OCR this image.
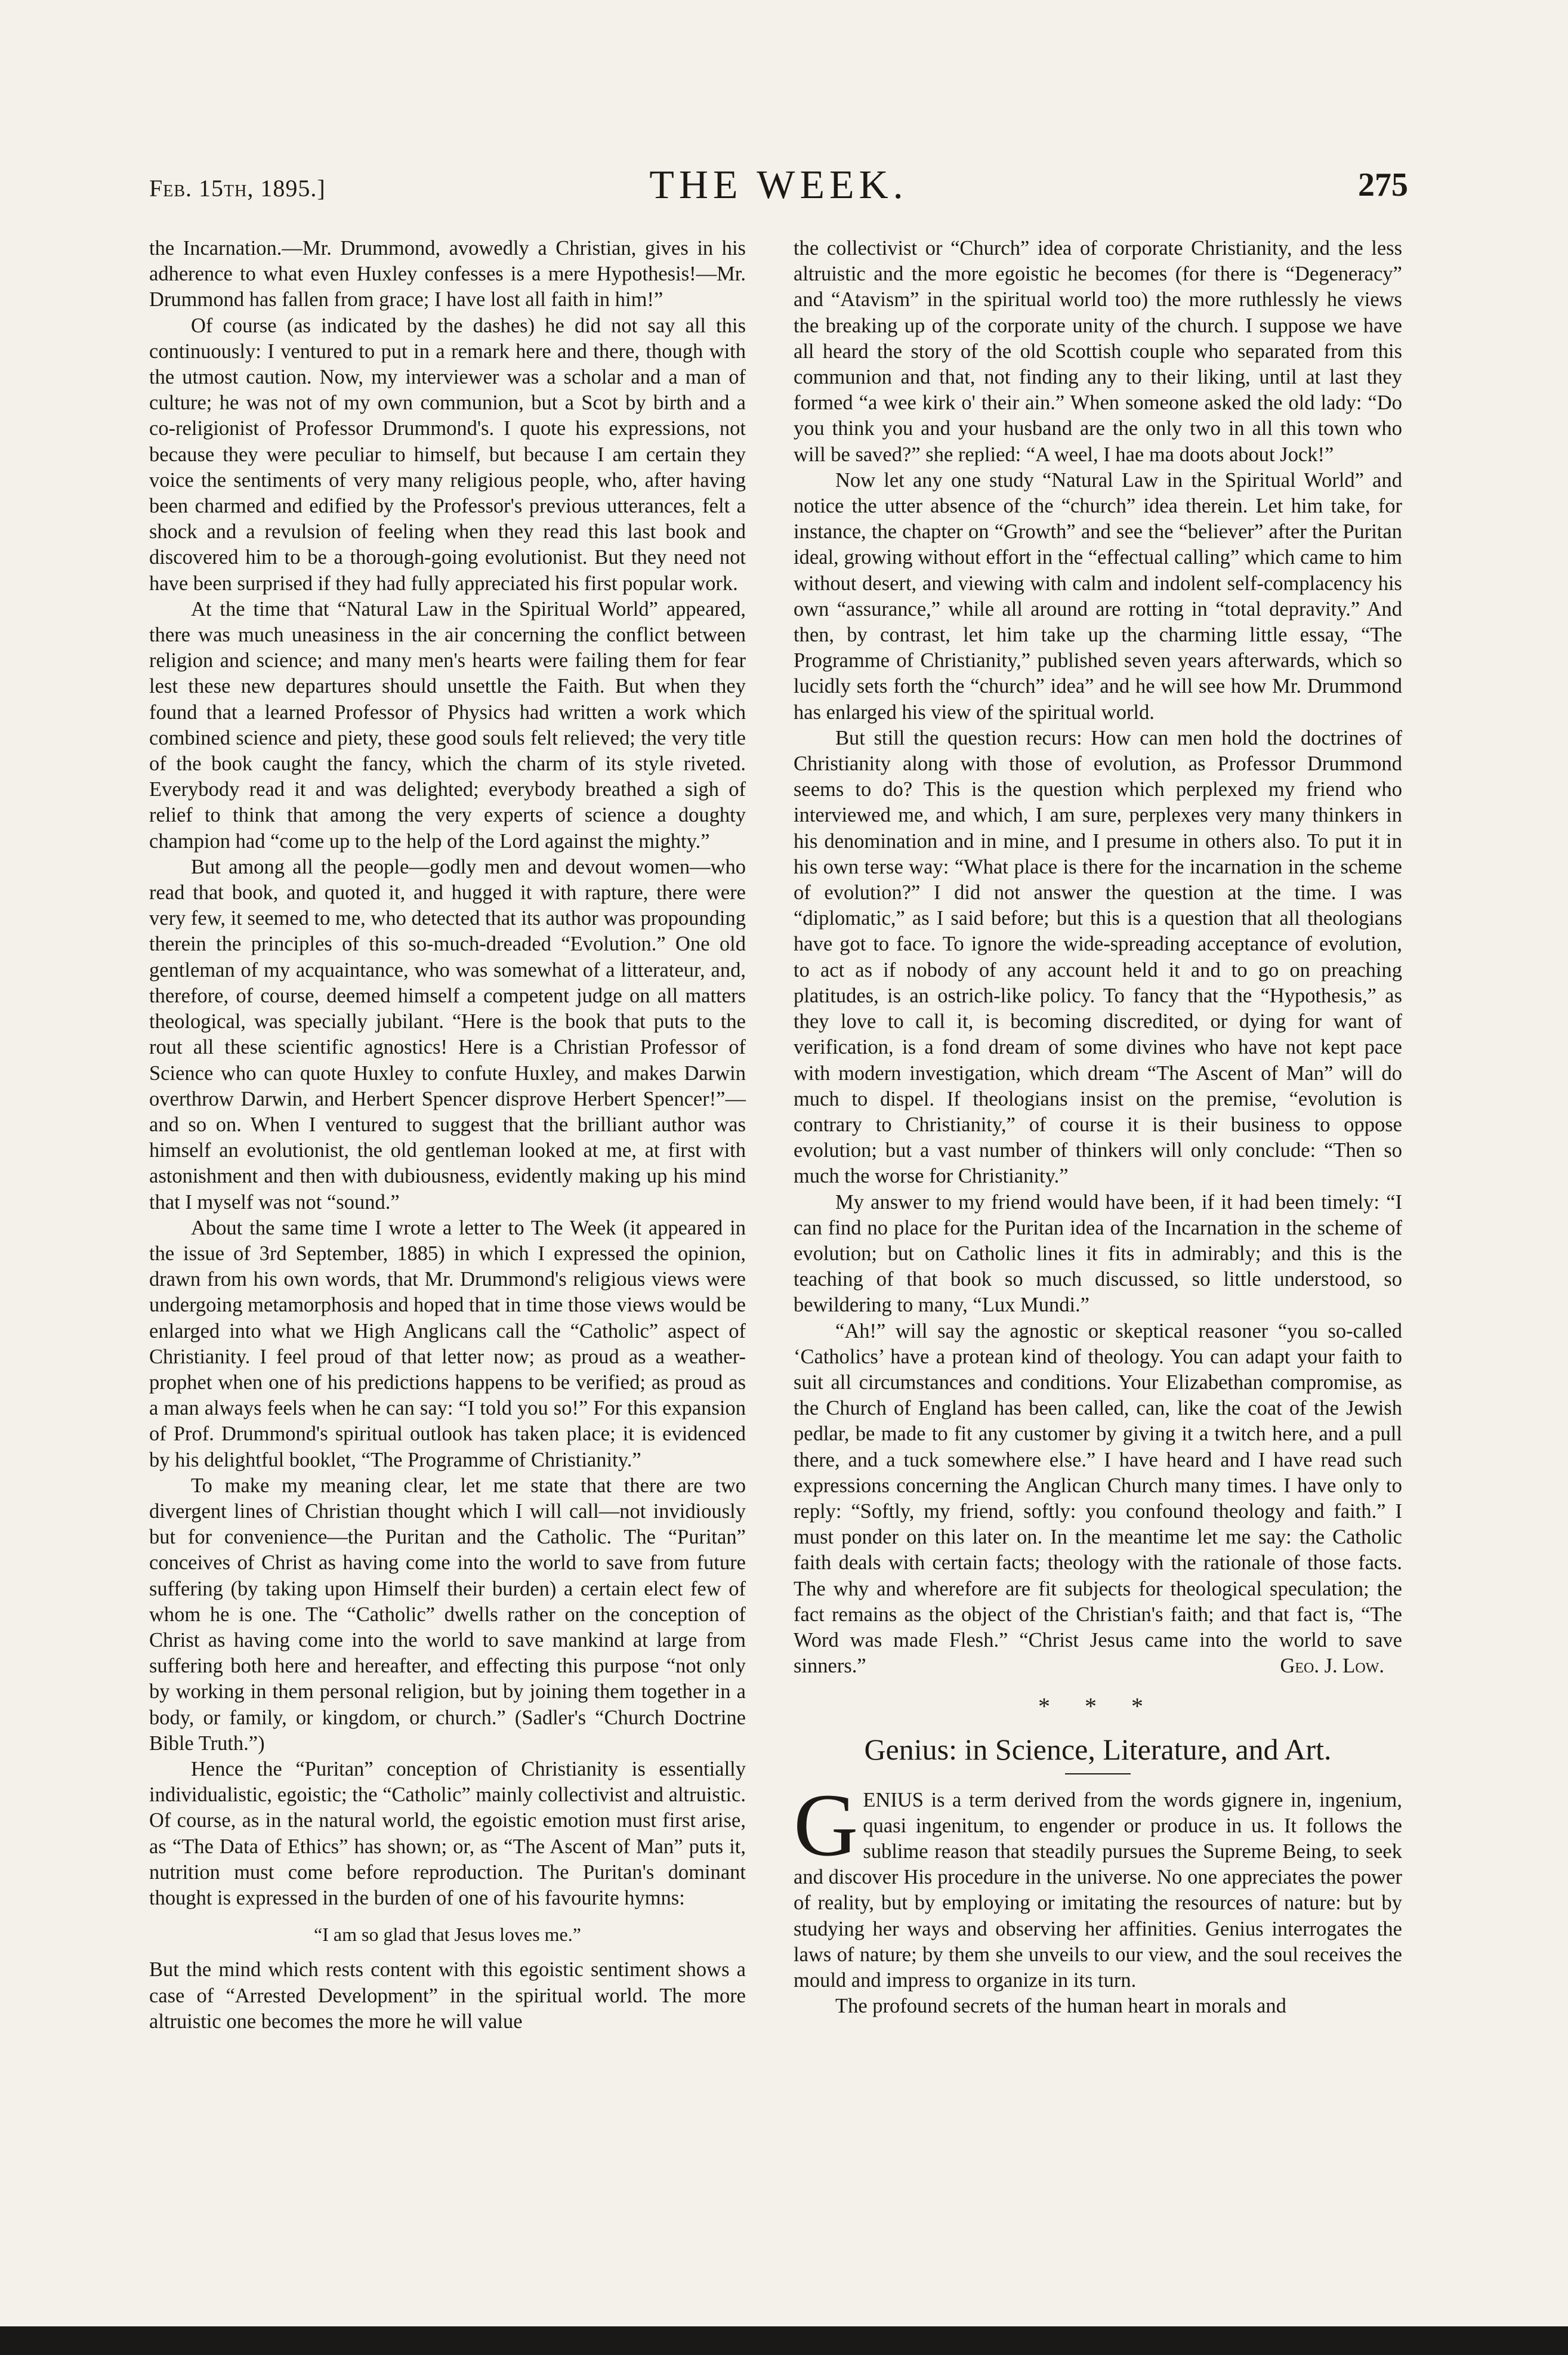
Feb. 15th, 1895.]	THE WEEK.	275

the Incarnation.—Mr. Drummond, avowedly a Christian, gives in his adherence to what even Huxley confesses is a mere Hypothesis!—Mr. Drummond has fallen from grace; I have lost all faith in him!”

Of course (as indicated by the dashes) he did not say all this continuously: I ventured to put in a remark here and there, though with the utmost caution. Now, my interviewer was a scholar and a man of culture; he was not of my own communion, but a Scot by birth and a co-religionist of Professor Drummond's. I quote his expressions, not because they were peculiar to himself, but because I am certain they voice the sentiments of very many religious people, who, after having been charmed and edified by the Professor's previous utterances, felt a shock and a revulsion of feeling when they read this last book and discovered him to be a thorough-going evolutionist. But they need not have been surprised if they had fully appreciated his first popular work.

At the time that “Natural Law in the Spiritual World” appeared, there was much uneasiness in the air concerning the conflict between religion and science; and many men's hearts were failing them for fear lest these new departures should unsettle the Faith. But when they found that a learned Professor of Physics had written a work which combined science and piety, these good souls felt relieved; the very title of the book caught the fancy, which the charm of its style riveted. Everybody read it and was delighted; everybody breathed a sigh of relief to think that among the very experts of science a doughty champion had “come up to the help of the Lord against the mighty.”

But among all the people—godly men and devout women—who read that book, and quoted it, and hugged it with rapture, there were very few, it seemed to me, who detected that its author was propounding therein the principles of this so-much-dreaded “Evolution.” One old gentleman of my acquaintance, who was somewhat of a litterateur, and, therefore, of course, deemed himself a competent judge on all matters theological, was specially jubilant. “Here is the book that puts to the rout all these scientific agnostics! Here is a Christian Professor of Science who can quote Huxley to confute Huxley, and makes Darwin overthrow Darwin, and Herbert Spencer disprove Herbert Spencer!”—and so on. When I ventured to suggest that the brilliant author was himself an evolutionist, the old gentleman looked at me, at first with astonishment and then with dubiousness, evidently making up his mind that I myself was not “sound.”

About the same time I wrote a letter to The Week (it appeared in the issue of 3rd September, 1885) in which I expressed the opinion, drawn from his own words, that Mr. Drummond's religious views were undergoing metamorphosis and hoped that in time those views would be enlarged into what we High Anglicans call the “Catholic” aspect of Christianity. I feel proud of that letter now; as proud as a weather-prophet when one of his predictions happens to be verified; as proud as a man always feels when he can say: “I told you so!” For this expansion of Prof. Drummond's spiritual outlook has taken place; it is evidenced by his delightful booklet, “The Programme of Christianity.”

To make my meaning clear, let me state that there are two divergent lines of Christian thought which I will call—not invidiously but for convenience—the Puritan and the Catholic. The “Puritan” conceives of Christ as having come into the world to save from future suffering (by taking upon Himself their burden) a certain elect few of whom he is one. The “Catholic” dwells rather on the conception of Christ as having come into the world to save mankind at large from suffering both here and hereafter, and effecting this purpose “not only by working in them personal religion, but by joining them together in a body, or family, or kingdom, or church.” (Sadler's “Church Doctrine Bible Truth.”)

Hence the “Puritan” conception of Christianity is essentially individualistic, egoistic; the “Catholic” mainly collectivist and altruistic. Of course, as in the natural world, the egoistic emotion must first arise, as “The Data of Ethics” has shown; or, as “The Ascent of Man” puts it, nutrition must come before reproduction. The Puritan's dominant thought is expressed in the burden of one of his favourite hymns:

“I am so glad that Jesus loves me.”

But the mind which rests content with this egoistic sentiment shows a case of “Arrested Development” in the spiritual world. The more altruistic one becomes the more he will value

the collectivist or “Church” idea of corporate Christianity, and the less altruistic and the more egoistic he becomes (for there is “Degeneracy” and “Atavism” in the spiritual world too) the more ruthlessly he views the breaking up of the corporate unity of the church. I suppose we have all heard the story of the old Scottish couple who separated from this communion and that, not finding any to their liking, until at last they formed “a wee kirk o' their ain.” When someone asked the old lady: “Do you think you and your husband are the only two in all this town who will be saved?” she replied: “A weel, I hae ma doots about Jock!”

Now let any one study “Natural Law in the Spiritual World” and notice the utter absence of the “church” idea therein. Let him take, for instance, the chapter on “Growth” and see the “believer” after the Puritan ideal, growing without effort in the “effectual calling” which came to him without desert, and viewing with calm and indolent self-complacency his own “assurance,” while all around are rotting in “total depravity.” And then, by contrast, let him take up the charming little essay, “The Programme of Christianity,” published seven years afterwards, which so lucidly sets forth the “church” idea” and he will see how Mr. Drummond has enlarged his view of the spiritual world.

But still the question recurs: How can men hold the doctrines of Christianity along with those of evolution, as Professor Drummond seems to do? This is the question which perplexed my friend who interviewed me, and which, I am sure, perplexes very many thinkers in his denomination and in mine, and I presume in others also. To put it in his own terse way: “What place is there for the incarnation in the scheme of evolution?” I did not answer the question at the time. I was “diplomatic,” as I said before; but this is a question that all theologians have got to face. To ignore the wide-spreading acceptance of evolution, to act as if nobody of any account held it and to go on preaching platitudes, is an ostrich-like policy. To fancy that the “Hypothesis,” as they love to call it, is becoming discredited, or dying for want of verification, is a fond dream of some divines who have not kept pace with modern investigation, which dream “The Ascent of Man” will do much to dispel. If theologians insist on the premise, “evolution is contrary to Christianity,” of course it is their business to oppose evolution; but a vast number of thinkers will only conclude: “Then so much the worse for Christianity.”

My answer to my friend would have been, if it had been timely: “I can find no place for the Puritan idea of the Incarnation in the scheme of evolution; but on Catholic lines it fits in admirably; and this is the teaching of that book so much discussed, so little understood, so bewildering to many, “Lux Mundi.”

“Ah!” will say the agnostic or skeptical reasoner “you so-called ‘Catholics’ have a protean kind of theology. You can adapt your faith to suit all circumstances and conditions. Your Elizabethan compromise, as the Church of England has been called, can, like the coat of the Jewish pedlar, be made to fit any customer by giving it a twitch here, and a pull there, and a tuck somewhere else.” I have heard and I have read such expressions concerning the Anglican Church many times. I have only to reply: “Softly, my friend, softly: you confound theology and faith.” I must ponder on this later on. In the meantime let me say: the Catholic faith deals with certain facts; theology with the rationale of those facts. The why and wherefore are fit subjects for theological speculation; the fact remains as the object of the Christian's faith; and that fact is, “The Word was made Flesh.” “Christ Jesus came into the world to save sinners.”	Geo. J. Low.

* * *
Genius: in Science, Literature, and Art.

GENIUS is a term derived from the words gignere in, ingenium, quasi ingenitum, to engender or produce in us. It follows the sublime reason that steadily pursues the Supreme Being, to seek and discover His procedure in the universe. No one appreciates the power of reality, but by employing or imitating the resources of nature: but by studying her ways and observing her affinities. Genius interrogates the laws of nature; by them she unveils to our view, and the soul receives the mould and impress to organize in its turn.

The profound secrets of the human heart in morals and
